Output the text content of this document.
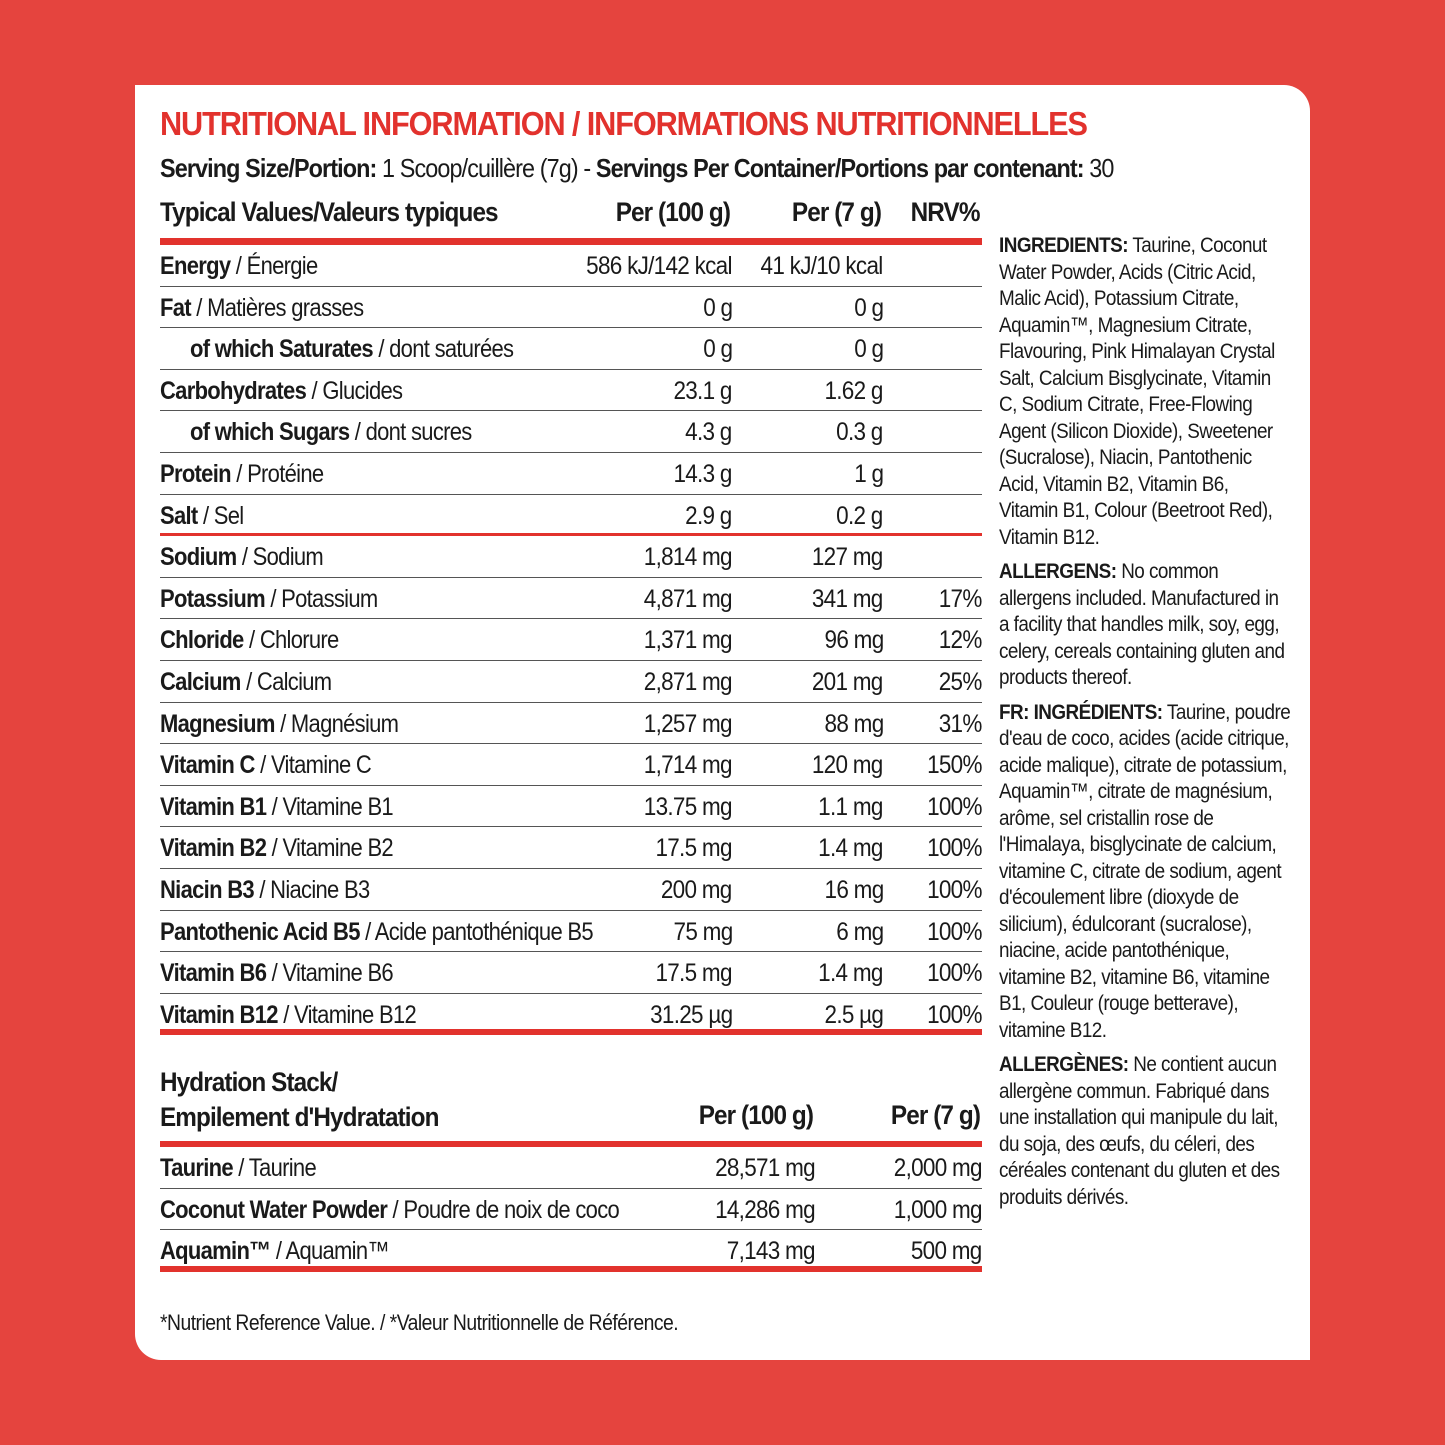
NUTRITIONAL INFORMATION / INFORMATIONS NUTRITIONNELLES
Serving Size/Portion: 1 Scoop/cuillère (7g) - Servings Per Container/Portions par contenant: 30
Typical Values/Valeurs typiques	Per (100 g) Per (7 g) NRV%
Energy / Énergie	586 kJ/142 kcal 41 kJ/10 kcal
Fat / Matières grasses	0 g	0 g
of which Saturates / dont saturées	0 g	0 g
Carbohydrates / Glucides	23.1 g	1.62 g
of which Sugars / dont sucres	4.3 g	0.3 g
Protein / Protéine	14.3 g	1 g
Salt / Sel	2.9 g	0.2 g
Sodium / Sodium	1,814 mg	127 mg
Potassium / Potassium	4,871 mg	341 mg 17%
Chloride / Chlorure	1,371 mg	96 mg 12%
Calcium / Calcium	2,871 mg	201 mg 25%
Magnesium / Magnésium	1,257 mg	88 mg 31%
Vitamin C / Vitamine C	1,714 mg	120 mg 150%
Vitamin B1 / Vitamine B1	13.75 mg	1.1 mg 100%
Vitamin B2 / Vitamine B2	17.5 mg	1.4 mg 100%
Niacin B3 / Niacine B3	200 mg	16 mg 100%
Pantothenic Acid B5 / Acide pantothénique B5	75 mg	6 mg 100%
Vitamin B6 / Vitamine B6	17.5 mg	1.4 mg 100%
Vitamin B12 / Vitamine B12	31.25 µg	2.5 µg 100%
Hydration Stack/
Empilement d'Hydratation	Per (100 g)	Per (7 g)
Taurine / Taurine	28,571 mg	2,000 mg
Coconut Water Powder / Poudre de noix de coco	14,286 mg	1,000 mg
Aquamin™ / Aquamin™	7,143 mg	500 mg

INGREDIENTS: Taurine, Coconut Water Powder, Acids (Citric Acid, Malic Acid), Potassium Citrate, Aquamin™, Magnesium Citrate, Flavouring, Pink Himalayan Crystal Salt, Calcium Bisglycinate, Vitamin C, Sodium Citrate, Free-Flowing Agent (Silicon Dioxide), Sweetener (Sucralose), Niacin, Pantothenic Acid, Vitamin B2, Vitamin B6, Vitamin B1, Colour (Beetroot Red), Vitamin B12.

ALLERGENS: No common allergens included. Manufactured in a facility that handles milk, soy, egg, celery, cereals containing gluten and products thereof.

FR: INGRÉDIENTS: Taurine, poudre d'eau de coco, acides (acide citrique, acide malique), citrate de potassium, Aquamin™, citrate de magnésium, arôme, sel cristallin rose de l'Himalaya, bisglycinate de calcium, vitamine C, citrate de sodium, agent d'écoulement libre (dioxyde de silicium), édulcorant (sucralose), niacine, acide pantothénique, vitamine B2, vitamine B6, vitamine B1, Couleur (rouge betterave), vitamine B12.

ALLERGÈNES: Ne contient aucun allergène commun. Fabriqué dans une installation qui manipule du lait, du soja, des œufs, du céleri, des céréales contenant du gluten et des produits dérivés.

*Nutrient Reference Value. / *Valeur Nutritionnelle de Référence.
